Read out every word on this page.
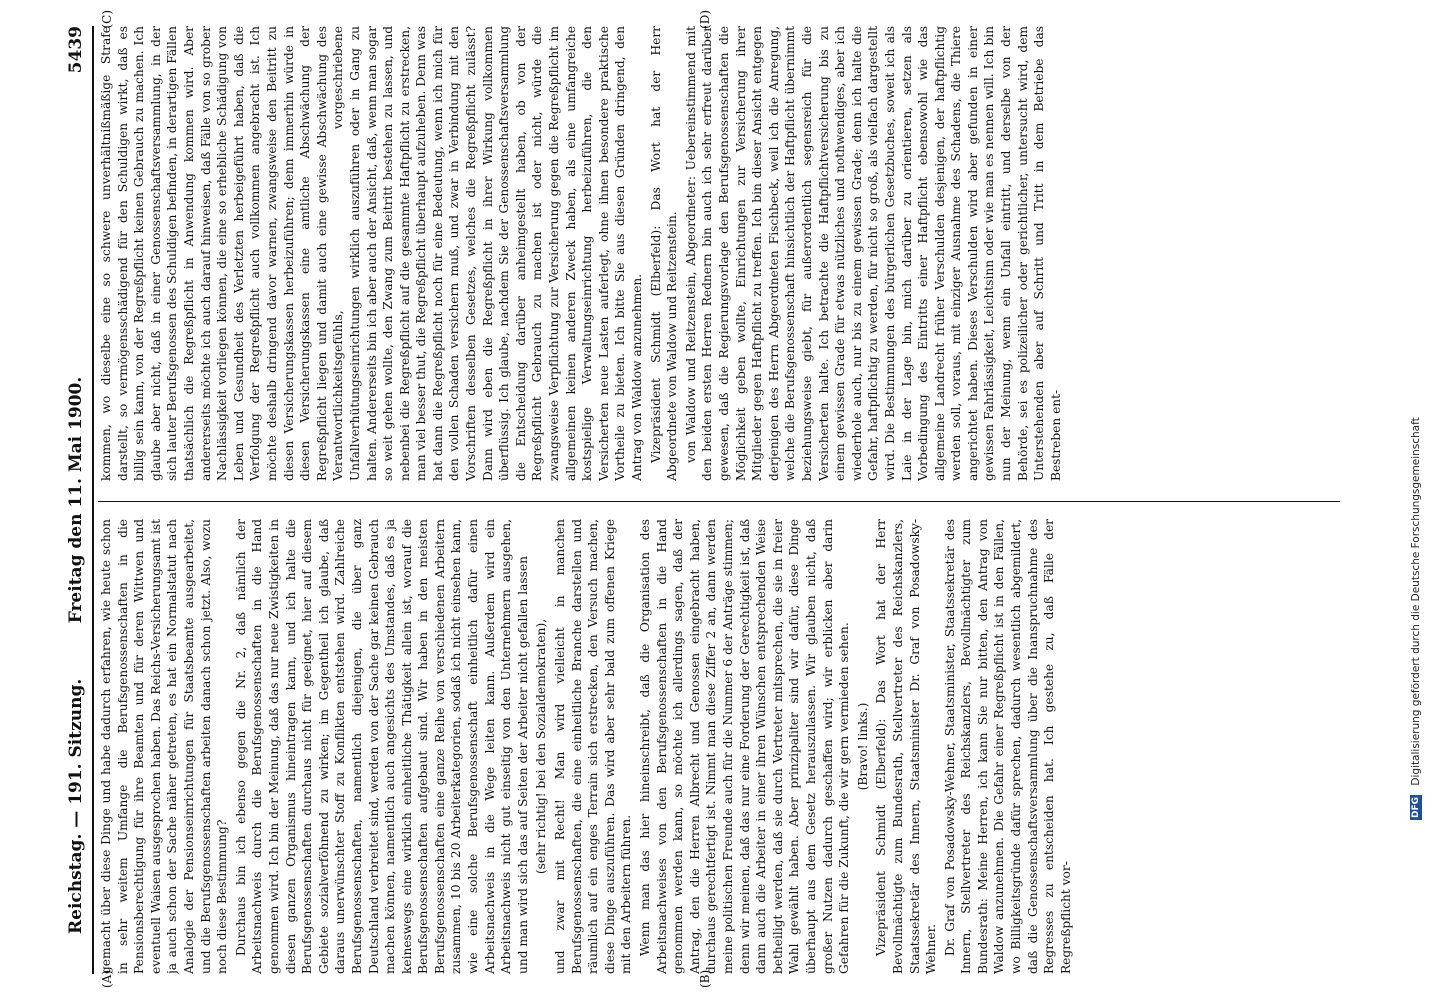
Reichstag. — 191. Sitzung.
Freitag den 11. Mai 1900.
5439
(A)	(B)
(C)	(D)

gemacht über diese Dinge und habe dadurch erfahren, wie heute schon in sehr weitem Umfange die Berufsgenossenschaften in die Pensionsberechtigung für ihre Beamten und für deren Wittwen und eventuell Waisen ausgesprochen haben. Das Reichs-Versicherungsamt ist ja auch schon der Sache näher getreten, es hat ein Normalstatut nach Analogie der Pensionseinrichtungen für Staatsbeamte ausgearbeitet, und die Berufsgenossenschaften arbeiten danach schon jetzt. Also, wozu noch diese Bestimmung? Durchaus bin ich ebenso gegen die Nr. 2, daß nämlich der Arbeitsnachweis durch die Berufsgenossenschaften in die Hand genommen wird. Ich bin der Meinung, daß das nur neue Zwistigkeiten in diesen ganzen Organismus hineintragen kann, und ich halte die Berufsgenossenschaften durchaus nicht für geeignet, hier auf diesem Gebiete sozialverföhnend zu wirken; im Gegentheil ich glaube, daß daraus unerwünschter Stoff zu Konflikten entstehen wird. Zahlreiche Berufsgenossenschaften, namentlich diejenigen, die über ganz Deutschland verbreitet sind, werden von der Sache gar keinen Gebrauch machen können, namentlich auch angesichts des Umstandes, daß es ja keineswegs eine wirklich einheitliche Thätigkeit allein ist, worauf die Berufsgenossenschaften aufgebaut sind. Wir haben in den meisten Berufsgenossenschaften eine ganze Reihe von verschiedenen Arbeitern zusammen, 10 bis 20 Arbeiterkategorien, sodaß ich nicht einsehen kann, wie eine solche Berufsgenossenschaft einheitlich dafür einen Arbeitsnachweis in die Wege leiten kann. Außerdem wird ein Arbeitsnachweis nicht gut einseitig von den Unternehmern ausgehen, und man wird sich das auf Seiten der Arbeiter nicht gefallen lassen (sehr richtig! bei den Sozialdemokraten), und zwar mit Recht! Man wird vielleicht in manchen Berufsgenossenschaften, die eine einheitliche Branche darstellen und räumlich auf ein enges Terrain sich erstrecken, den Versuch machen, diese Dinge auszuführen. Das wird aber sehr bald zum offenen Kriege mit den Arbeitern führen. Wenn man das hier hineinschreibt, daß die Organisation des Arbeitsnachweises von den Berufsgenossenschaften in die Hand genommen werden kann, so möchte ich allerdings sagen, daß der Antrag, den die Herren Albrecht und Genossen eingebracht haben, durchaus gerechtfertigt ist. Nimmt man diese Ziffer 2 an, dann werden meine politischen Freunde auch für die Nummer 6 der Anträge stimmen; denn wir meinen, daß das nur eine Forderung der Gerechtigkeit ist, daß dann auch die Arbeiter in einer ihren Wünschen entsprechenden Weise betheiligt werden, daß sie durch Vertreter mitsprechen, die sie in freier Wahl gewählt haben. Aber prinzipaliter sind wir dafür, diese Dinge überhaupt aus dem Gesetz herauszulassen. Wir glauben nicht, daß großer Nutzen dadurch geschaffen wird; wir erblicken aber darin Gefahren für die Zukunft, die wir gern vermieden sehen. (Bravo! links.) Vizepräsident Schmidt (Elberfeld): Das Wort hat der Herr Bevollmächtigte zum Bundesrath, Stellvertreter des Reichskanzlers, Staatssekretär des Innern, Staatsminister Dr. Graf von Posadowsky-Wehner. Dr. Graf von Posadowsky-Wehner, Staatsminister, Staatssekretär des Innern, Stellvertreter des Reichskanzlers, Bevollmächtigter zum Bundesrath: Meine Herren, ich kann Sie nur bitten, den Antrag von Waldow anzunehmen. Die Gefahr einer Regreßpflicht ist in den Fällen, wo Billigkeitsgründe dafür sprechen, dadurch wesentlich abgemildert, daß die Genossenschaftsversammlung über die Inanspruchnahme des Regresses zu entscheiden hat. Ich gestehe zu, daß Fälle der Regreßpflicht vor-

kommen, wo dieselbe eine so schwere unverhältnißmäßige Strafe darstellt, so vermögensschädigend für den Schuldigen wirkt, daß es billig sein kann, von der Regreßpflicht keinen Gebrauch zu machen. Ich glaube aber nicht, daß in einer Genossenschaftsversammlung, in der sich lauter Berufsgenossen des Schuldigen befinden, in derartigen Fällen thatsächlich die Regreßpflicht in Anwendung kommen wird. Aber andererseits möchte ich auch darauf hinweisen, daß Fälle von so grober Nachlässigkeit vorliegen können, die eine so erhebliche Schädigung von Leben und Gesundheit des Verletzten herbeigeführt haben, daß die Verfolgung der Regreßpflicht auch vollkommen angebracht ist. Ich möchte deshalb dringend davor warnen, zwangsweise den Beitritt zu diesen Versicherungskassen herbeizuführen; denn immerhin würde in diesen Versicherungskassen eine amtliche Abschwächung der Regreßpflicht liegen und damit auch eine gewisse Abschwächung des Verantwortlichkeitsgefühls, vorgeschriebene Unfallverhütungseinrichtungen wirklich auszuführen oder in Gang zu halten. Andererseits bin ich aber auch der Ansicht, daß, wenn man sogar so weit gehen wollte, den Zwang zum Beitritt bestehen zu lassen, und nebenbei die Regreßpflicht auf die gesammte Haftpflicht zu erstrecken, man viel besser thut, die Regreßpflicht überhaupt aufzuheben. Denn was hat dann die Regreßpflicht noch für eine Bedeutung, wenn ich mich für den vollen Schaden versichern muß, und zwar in Verbindung mit den Vorschriften desselben Gesetzes, welches die Regreßpflicht zulässt? Dann wird eben die Regreßpflicht in ihrer Wirkung vollkommen überflüssig. Ich glaube, nachdem Sie der Genossenschaftsversammlung die Entscheidung darüber anheimgestellt haben, ob von der Regreßpflicht Gebrauch zu machen ist oder nicht, würde die zwangsweise Verpflichtung zur Versicherung gegen die Regreßpflicht im allgemeinen keinen anderen Zweck haben, als eine umfangreiche kostspielige Verwaltungseinrichtung herbeizuführen, die den Versicherten neue Lasten auferlegt, ohne ihnen besondere praktische Vortheile zu bieten. Ich bitte Sie aus diesen Gründen dringend, den Antrag von Waldow anzunehmen. Vizepräsident Schmidt (Elberfeld): Das Wort hat der Herr Abgeordnete von Waldow und Reitzenstein. von Waldow und Reitzenstein, Abgeordneter: Uebereinstimmend mit den beiden ersten Herren Rednern bin auch ich sehr erfreut darüber gewesen, daß die Regierungsvorlage den Berufsgenossenschaften die Möglichkeit geben wollte, Einrichtungen zur Versicherung ihrer Mitglieder gegen Haftpflicht zu treffen. Ich bin dieser Ansicht entgegen derjenigen des Herrn Abgeordneten Fischbeck, weil ich die Anregung, welche die Berufsgenossenschaft hinsichtlich der Haftpflicht übernimmt beziehungsweise giebt, für außerordentlich segensreich für die Versicherten halte. Ich betrachte die Haftpflichtversicherung bis zu einem gewissen Grade für etwas nützliches und nothwendiges, aber ich wiederhole auch, nur bis zu einem gewissen Grade; denn ich halte die Gefahr, haftpflichtig zu werden, für nicht so groß, als vielfach dargestellt wird. Die Bestimmungen des bürgerlichen Gesetzbuches, soweit ich als Laie in der Lage bin, mich darüber zu orientieren, setzen als Vorbedingung des Eintritts einer Haftpflicht ebensowohl wie das allgemeine Landrecht früher Verschulden desjenigen, der haftpflichtig werden soll, voraus, mit einziger Ausnahme des Schadens, die Thiere angerichtet haben. Dieses Verschulden wird aber gefunden in einer gewissen Fahrlässigkeit, Leichtsinn oder wie man es nennen will. Ich bin nun der Meinung, wenn ein Unfall eintritt, und derselbe von der Behörde, sei es polizeilicher oder gerichtlicher, untersucht wird, dem Unterstehenden aber auf Schritt und Tritt in dem Betriebe das Bestreben ent-

DFG Digitalisierung gefördert durch die Deutsche Forschungsgemeinschaft
